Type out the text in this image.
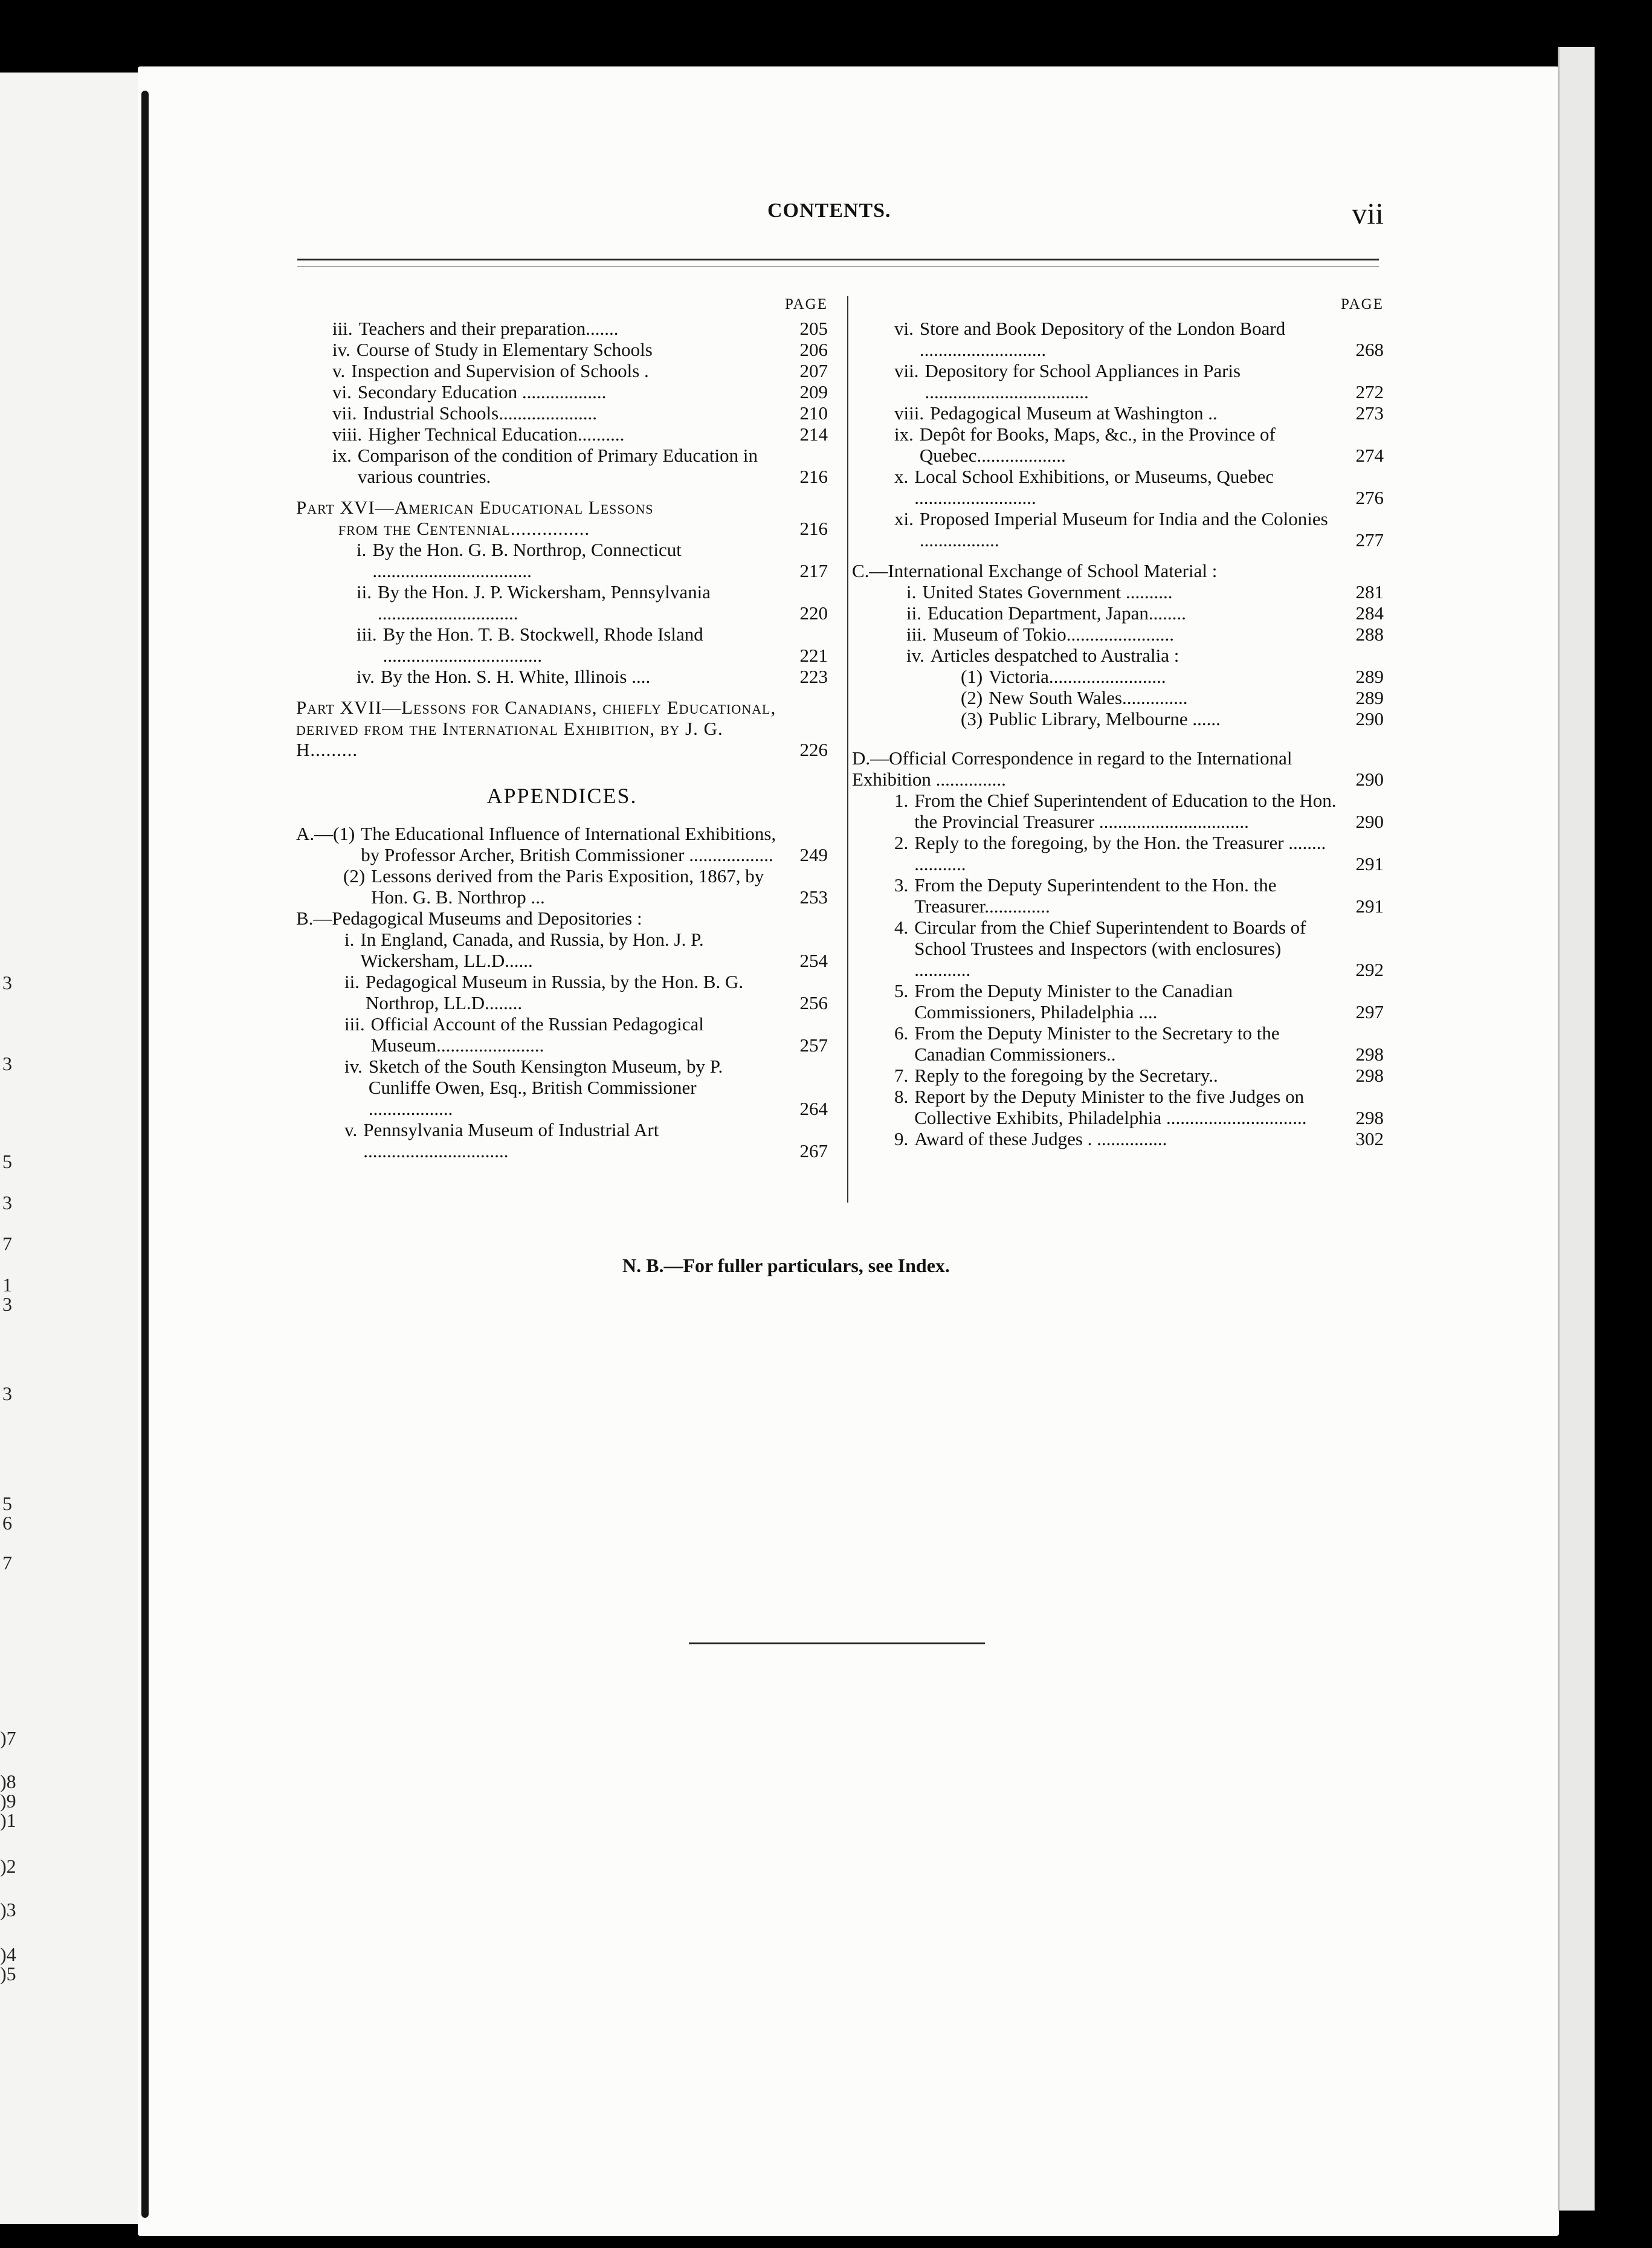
3
3
5
3
7
1
3
3
5
6
7
)7
)8
)9
)1
)2
)3
)4
)5
CONTENTS.	vii
PAGE
iii. Teachers and their preparation.......	205
iv. Course of Study in Elementary Schools	206
v. Inspection and Supervision of Schools .	207
vi. Secondary Education ..................	209
vii. Industrial Schools.....................	210
viii. Higher Technical Education..........	214
ix. Comparison of the condition of Primary Education in various countries.	216
Part XVI—American Educational Lessons
from the Centennial...............	216
i. By the Hon. G. B. Northrop, Connecticut ..................................	217
ii. By the Hon. J. P. Wickersham, Pennsylvania ..............................	220
iii. By the Hon. T. B. Stockwell, Rhode Island ..................................	221
iv. By the Hon. S. H. White, Illinois ....	223
Part XVII—Lessons for Canadians, chiefly Educational, derived from the International Exhibition, by J. G. H.........	226
APPENDICES.
A.—(1) The Educational Influence of International Exhibitions, by Professor Archer, British Commissioner ..................	249
(2) Lessons derived from the Paris Exposition, 1867, by Hon. G. B. Northrop ...	253
B.—Pedagogical Museums and Depositories :
i. In England, Canada, and Russia, by Hon. J. P. Wickersham, LL.D......	254
ii. Pedagogical Museum in Russia, by the Hon. B. G. Northrop, LL.D........	256
iii. Official Account of the Russian Pedagogical Museum.......................	257
iv. Sketch of the South Kensington Museum, by P. Cunliffe Owen, Esq., British Commissioner ..................	264
v. Pennsylvania Museum of Industrial Art ...............................	267
PAGE
vi. Store and Book Depository of the London Board ...........................	268
vii. Depository for School Appliances in Paris ...................................	272
viii. Pedagogical Museum at Washington ..	273
ix. Depôt for Books, Maps, &c., in the Province of Quebec...................	274
x. Local School Exhibitions, or Museums, Quebec ..........................	276
xi. Proposed Imperial Museum for India and the Colonies .................	277
C.—International Exchange of School Material :
i. United States Government ..........	281
ii. Education Department, Japan........	284
iii. Museum of Tokio.......................	288
iv. Articles despatched to Australia :
(1) Victoria.........................	289
(2) New South Wales..............	289
(3) Public Library, Melbourne ......	290
D.—Official Correspondence in regard to the International Exhibition ...............	290
1. From the Chief Superintendent of Education to the Hon. the Provincial Treasurer ................................	290
2. Reply to the foregoing, by the Hon. the Treasurer ........ ...........	291
3. From the Deputy Superintendent to the Hon. the Treasurer..............	291
4. Circular from the Chief Superintendent to Boards of School Trustees and Inspectors (with enclosures) ............	292
5. From the Deputy Minister to the Canadian Commissioners, Philadelphia ....	297
6. From the Deputy Minister to the Secretary to the Canadian Commissioners..	298
7. Reply to the foregoing by the Secretary..	298
8. Report by the Deputy Minister to the five Judges on Collective Exhibits, Philadelphia ..............................	298
9. Award of these Judges . ...............	302
N. B.—For fuller particulars, see Index.
